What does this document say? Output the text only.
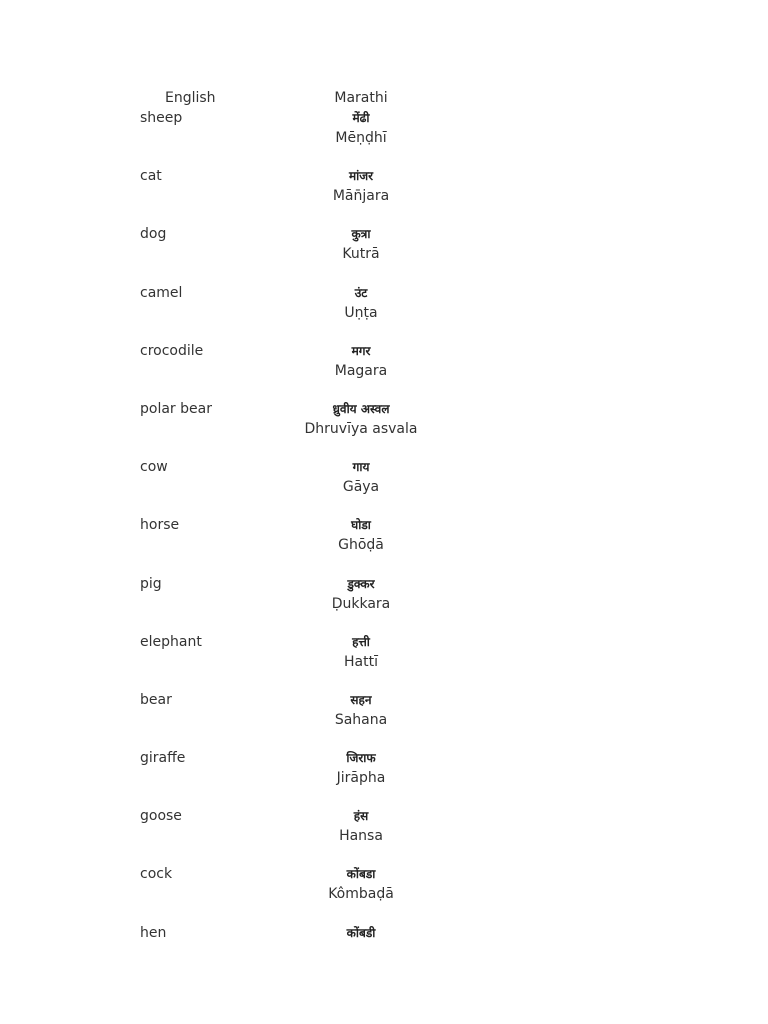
English	Marathi
sheep	मेंढी
Mēṇḍhī
cat	मांजर
Mān̄jara
dog	कुत्रा
Kutrā
camel	उंट
Uṇṭa
crocodile	मगर
Magara
polar bear	ध्रुवीय अस्वल
Dhruvīya asvala
cow	गाय
Gāya
horse	घोडा
Ghōḍā
pig	डुक्कर
Ḍukkara
elephant	हत्ती
Hattī
bear	सहन
Sahana
giraffe	जिराफ
Jirāpha
goose	हंस
Hansa
cock	कोंबडा
Kômbaḍā
hen	कोंबडी
